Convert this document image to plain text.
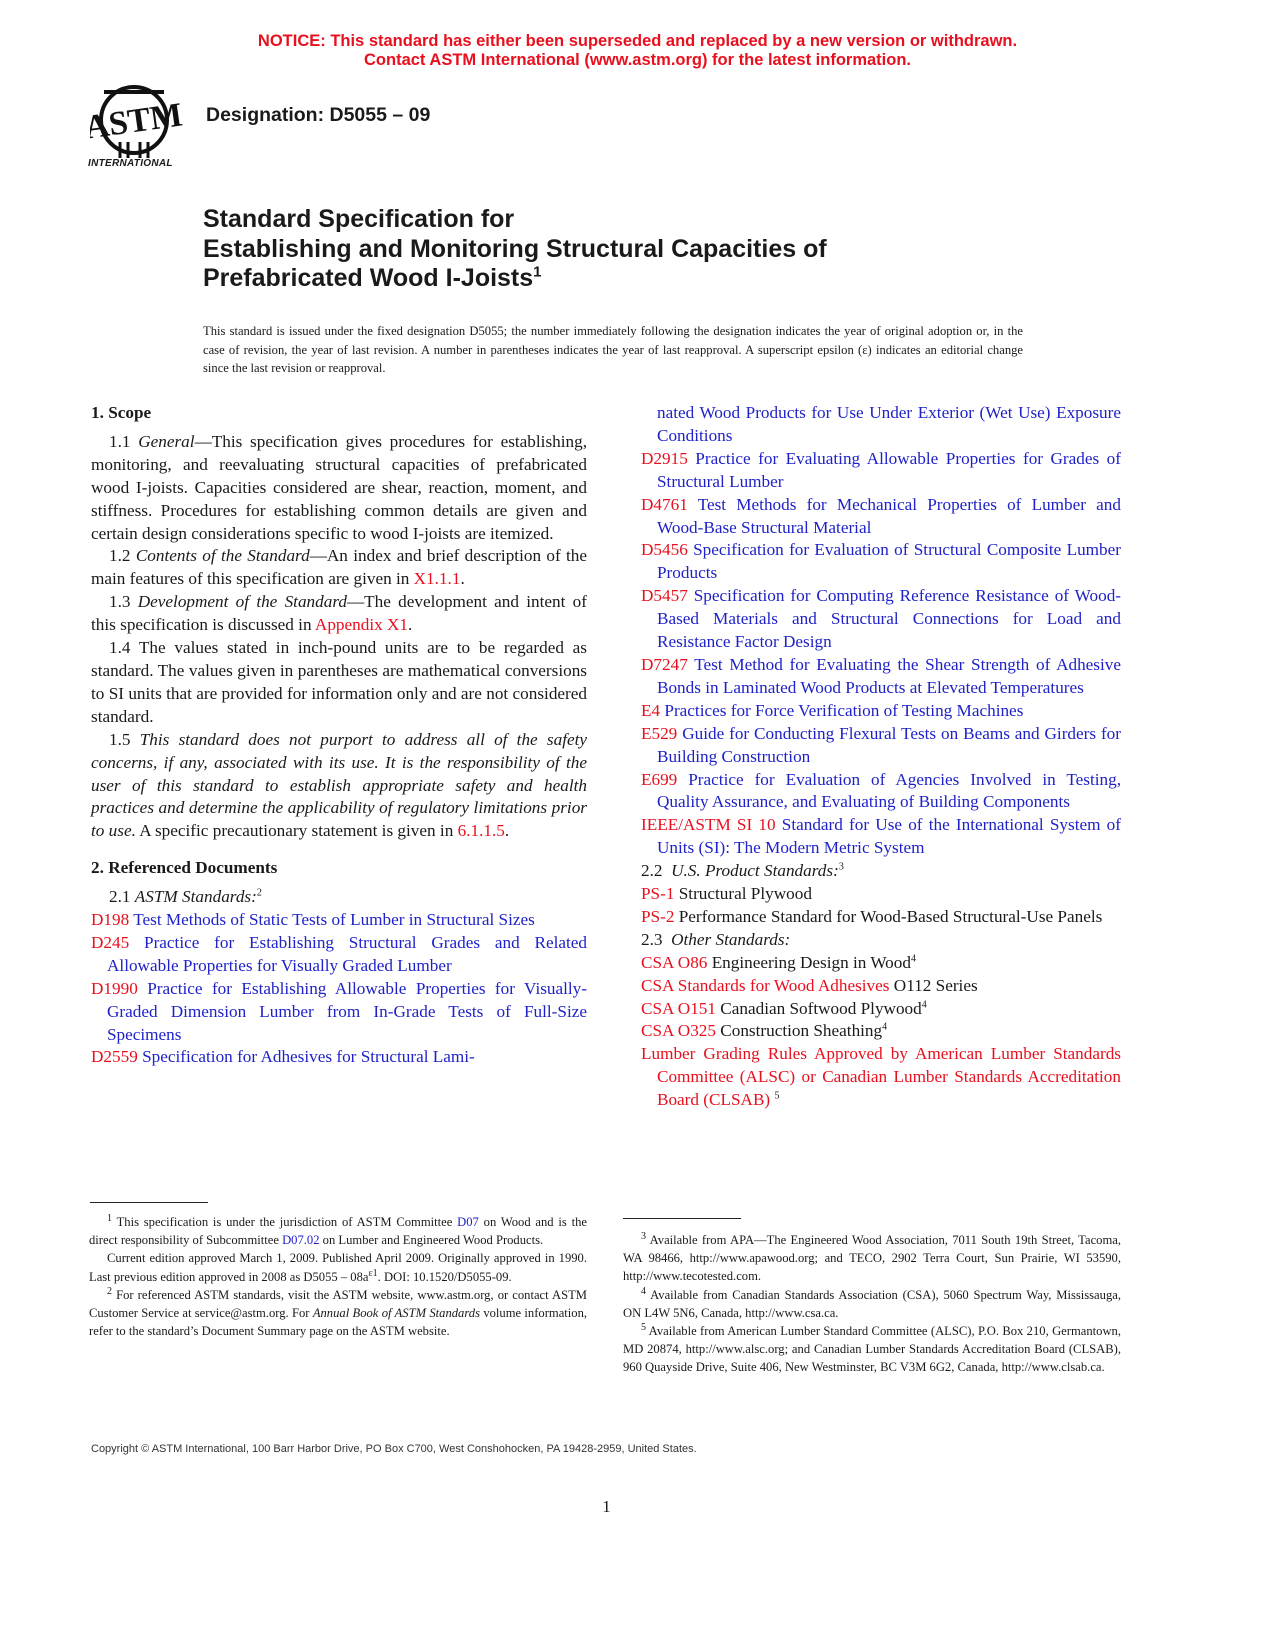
NOTICE: This standard has either been superseded and replaced by a new version or withdrawn.
Contact ASTM International (www.astm.org) for the latest information.
ASTM
INTERNATIONAL
Designation: D5055 – 09
Standard Specification for
Establishing and Monitoring Structural Capacities of
Prefabricated Wood I-Joists$^1$
This standard is issued under the fixed designation D5055; the number immediately following the designation indicates the year of original adoption or, in the case of revision, the year of last revision. A number in parentheses indicates the year of last reapproval. A superscript epsilon (ε) indicates an editorial change since the last revision or reapproval.

1. Scope

1.1 General—This specification gives procedures for establishing, monitoring, and reevaluating structural capacities of prefabricated wood I-joists. Capacities considered are shear, reaction, moment, and stiffness. Procedures for establishing common details are given and certain design considerations specific to wood I-joists are itemized.

1.2 Contents of the Standard—An index and brief description of the main features of this specification are given in X1.1.1.

1.3 Development of the Standard—The development and intent of this specification is discussed in Appendix X1.

1.4 The values stated in inch-pound units are to be regarded as standard. The values given in parentheses are mathematical conversions to SI units that are provided for information only and are not considered standard.

1.5 This standard does not purport to address all of the safety concerns, if any, associated with its use. It is the responsibility of the user of this standard to establish appropriate safety and health practices and determine the applicability of regulatory limitations prior to use. A specific precautionary statement is given in 6.1.1.5.

2. Referenced Documents

2.1 ASTM Standards:$^2$

D198 Test Methods of Static Tests of Lumber in Structural Sizes

D245 Practice for Establishing Structural Grades and Related Allowable Properties for Visually Graded Lumber

D1990 Practice for Establishing Allowable Properties for Visually-Graded Dimension Lumber from In-Grade Tests of Full-Size Specimens

D2559 Specification for Adhesives for Structural Lami-

nated Wood Products for Use Under Exterior (Wet Use) Exposure Conditions

D2915 Practice for Evaluating Allowable Properties for Grades of Structural Lumber

D4761 Test Methods for Mechanical Properties of Lumber and Wood-Base Structural Material

D5456 Specification for Evaluation of Structural Composite Lumber Products

D5457 Specification for Computing Reference Resistance of Wood-Based Materials and Structural Connections for Load and Resistance Factor Design

D7247 Test Method for Evaluating the Shear Strength of Adhesive Bonds in Laminated Wood Products at Elevated Temperatures

E4 Practices for Force Verification of Testing Machines

E529 Guide for Conducting Flexural Tests on Beams and Girders for Building Construction

E699 Practice for Evaluation of Agencies Involved in Testing, Quality Assurance, and Evaluating of Building Components

IEEE/ASTM SI 10 Standard for Use of the International System of Units (SI): The Modern Metric System

2.2 U.S. Product Standards:$^3$

PS-1 Structural Plywood

PS-2 Performance Standard for Wood-Based Structural-Use Panels

2.3 Other Standards:

CSA O86 Engineering Design in Wood$^4$

CSA Standards for Wood Adhesives O112 Series

CSA O151 Canadian Softwood Plywood$^4$

CSA O325 Construction Sheathing$^4$

Lumber Grading Rules Approved by American Lumber Standards Committee (ALSC) or Canadian Lumber Standards Accreditation Board (CLSAB) $^5$

$^1$ This specification is under the jurisdiction of ASTM Committee D07 on Wood and is the direct responsibility of Subcommittee D07.02 on Lumber and Engineered Wood Products.

Current edition approved March 1, 2009. Published April 2009. Originally approved in 1990. Last previous edition approved in 2008 as $D5055 - 08a^{\varepsilon 1}$. DOI: 10.1520/D5055-09.

$^2$ For referenced ASTM standards, visit the ASTM website, www.astm.org, or contact ASTM Customer Service at service@astm.org. For Annual Book of ASTM Standards volume information, refer to the standard’s Document Summary page on the ASTM website.

$^3$ Available from APA—The Engineered Wood Association, 7011 South 19th Street, Tacoma, WA 98466, http://www.apawood.org; and TECO, 2902 Terra Court, Sun Prairie, WI 53590, http://www.tecotested.com.

$^4$ Available from Canadian Standards Association (CSA), 5060 Spectrum Way, Mississauga, ON L4W 5N6, Canada, http://www.csa.ca.

$^5$ Available from American Lumber Standard Committee (ALSC), P.O. Box 210, Germantown, MD 20874, http://www.alsc.org; and Canadian Lumber Standards Accreditation Board (CLSAB), 960 Quayside Drive, Suite 406, New Westminster, BC V3M 6G2, Canada, http://www.clsab.ca.

Copyright © ASTM International, 100 Barr Harbor Drive, PO Box C700, West Conshohocken, PA 19428-2959, United States.
1
